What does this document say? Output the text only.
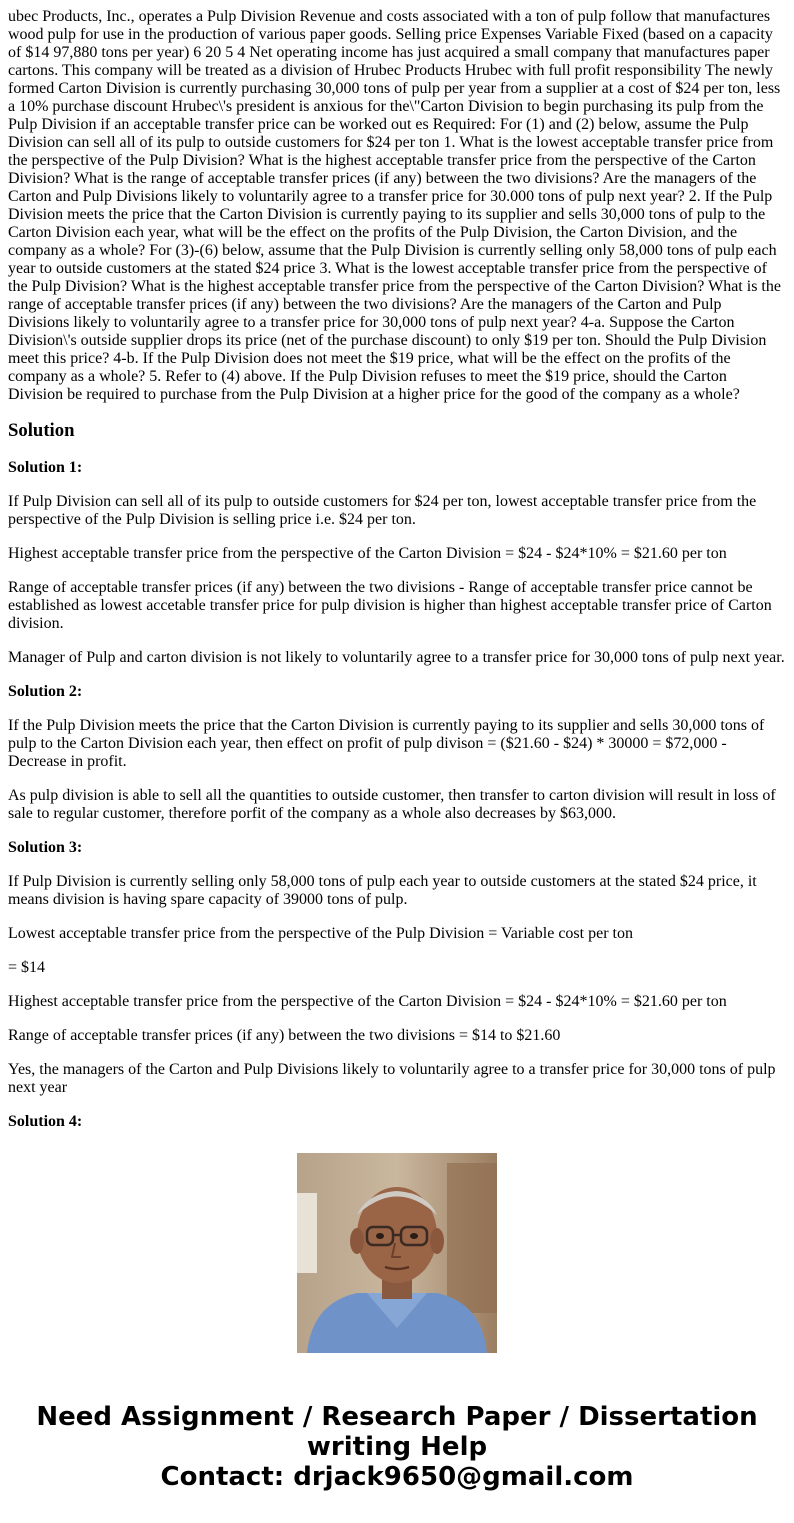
ubec Products, Inc., operates a Pulp Division Revenue and costs associated with a ton of pulp follow that manufactures wood pulp for use in the production of various paper goods. Selling price Expenses Variable Fixed (based on a capacity of $14 97,880 tons per year) 6 20 5 4 Net operating income has just acquired a small company that manufactures paper cartons. This company will be treated as a division of Hrubec Products Hrubec with full profit responsibility The newly formed Carton Division is currently purchasing 30,000 tons of pulp per year from a supplier at a cost of $24 per ton, less a 10% purchase discount Hrubec\'s president is anxious for the\"Carton Division to begin purchasing its pulp from the Pulp Division if an acceptable transfer price can be worked out es Required: For (1) and (2) below, assume the Pulp Division can sell all of its pulp to outside customers for $24 per ton 1. What is the lowest acceptable transfer price from the perspective of the Pulp Division? What is the highest acceptable transfer price from the perspective of the Carton Division? What is the range of acceptable transfer prices (if any) between the two divisions? Are the managers of the Carton and Pulp Divisions likely to voluntarily agree to a transfer price for 30.000 tons of pulp next year? 2. If the Pulp Division meets the price that the Carton Division is currently paying to its supplier and sells 30,000 tons of pulp to the Carton Division each year, what will be the effect on the profits of the Pulp Division, the Carton Division, and the company as a whole? For (3)-(6) below, assume that the Pulp Division is currently selling only 58,000 tons of pulp each year to outside customers at the stated $24 price 3. What is the lowest acceptable transfer price from the perspective of the Pulp Division? What is the highest acceptable transfer price from the perspective of the Carton Division? What is the range of acceptable transfer prices (if any) between the two divisions? Are the managers of the Carton and Pulp Divisions likely to voluntarily agree to a transfer price for 30,000 tons of pulp next year? 4-a. Suppose the Carton Division\'s outside supplier drops its price (net of the purchase discount) to only $19 per ton. Should the Pulp Division meet this price? 4-b. If the Pulp Division does not meet the $19 price, what will be the effect on the profits of the company as a whole? 5. Refer to (4) above. If the Pulp Division refuses to meet the $19 price, should the Carton Division be required to purchase from the Pulp Division at a higher price for the good of the company as a whole?
Solution
Solution 1:
If Pulp Division can sell all of its pulp to outside customers for $24 per ton, lowest acceptable transfer price from the perspective of the Pulp Division is selling price i.e. $24 per ton.
Highest acceptable transfer price from the perspective of the Carton Division = $24 - $24*10% = $21.60 per ton
Range of acceptable transfer prices (if any) between the two divisions - Range of acceptable transfer price cannot be established as lowest accetable transfer price for pulp division is higher than highest acceptable transfer price of Carton division.
Manager of Pulp and carton division is not likely to voluntarily agree to a transfer price for 30,000 tons of pulp next year.
Solution 2:
If the Pulp Division meets the price that the Carton Division is currently paying to its supplier and sells 30,000 tons of pulp to the Carton Division each year, then effect on profit of pulp divison = ($21.60 - $24) * 30000 = $72,000 - Decrease in profit.
As pulp division is able to sell all the quantities to outside customer, then transfer to carton division will result in loss of sale to regular customer, therefore porfit of the company as a whole also decreases by $63,000.
Solution 3:
If Pulp Division is currently selling only 58,000 tons of pulp each year to outside customers at the stated $24 price, it means division is having spare capacity of 39000 tons of pulp.
Lowest acceptable transfer price from the perspective of the Pulp Division = Variable cost per ton
= $14
Highest acceptable transfer price from the perspective of the Carton Division = $24 - $24*10% = $21.60 per ton
Range of acceptable transfer prices (if any) between the two divisions = $14 to $21.60
Yes, the managers of the Carton and Pulp Divisions likely to voluntarily agree to a transfer price for 30,000 tons of pulp next year
Solution 4:
Need Assignment / Research Paper / Dissertation writing Help
Contact: drjack9650@gmail.com
